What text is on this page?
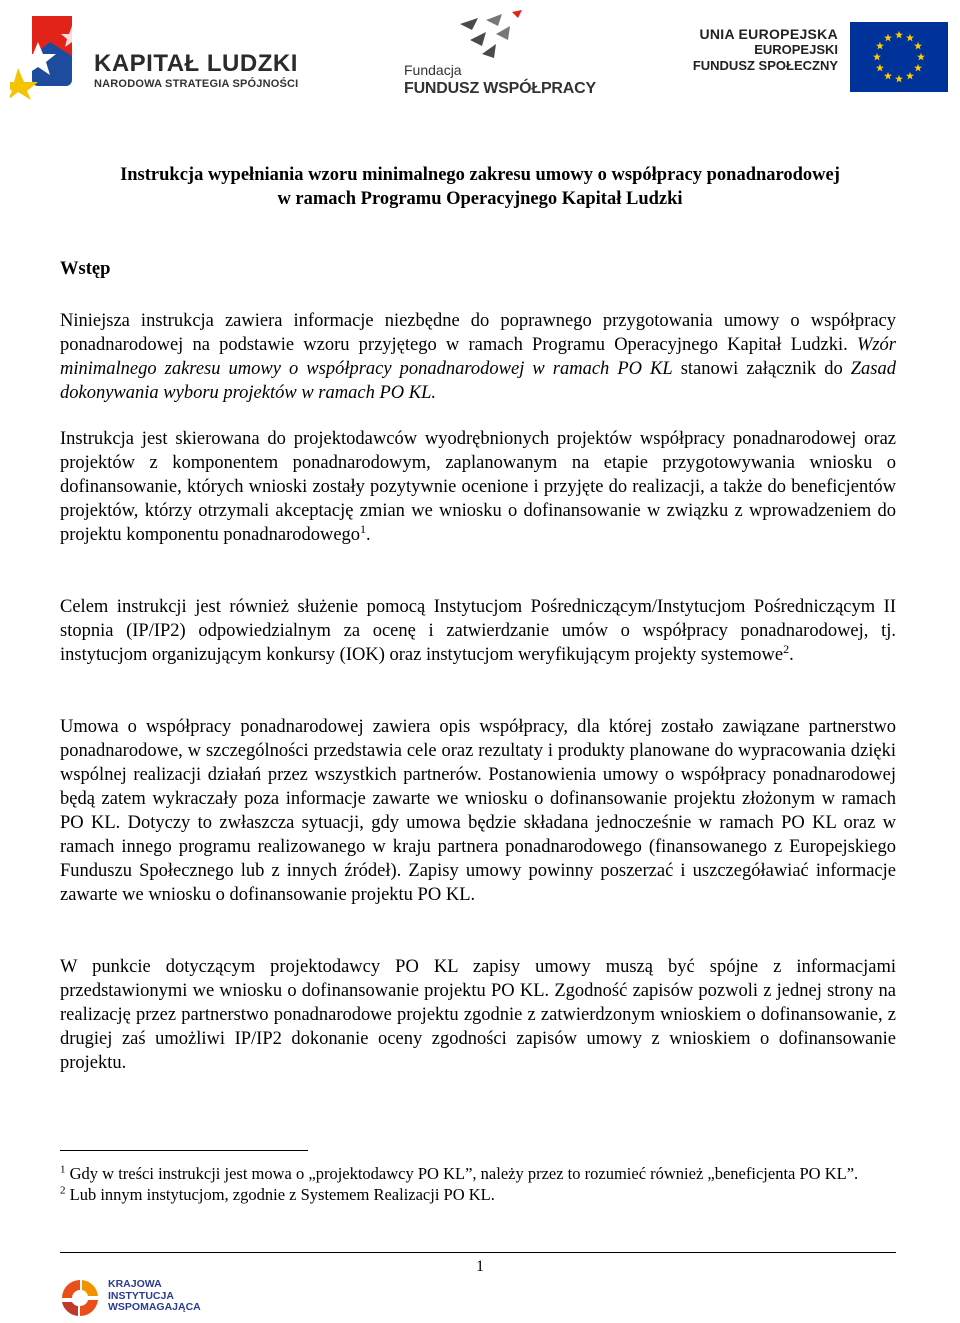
KAPITAŁ LUDZKI
NARODOWA STRATEGIA SPÓJNOŚCI
Fundacja
FUNDUSZ WSPÓŁPRACY
UNIA EUROPEJSKA
EUROPEJSKI
FUNDUSZ SPOŁECZNY
Instrukcja wypełniania wzoru minimalnego zakresu umowy o współpracy ponadnarodowej
w ramach Programu Operacyjnego Kapitał Ludzki
Wstęp
Niniejsza instrukcja zawiera informacje niezbędne do poprawnego przygotowania umowy o współpracy ponadnarodowej na podstawie wzoru przyjętego w ramach Programu Operacyjnego Kapitał Ludzki. Wzór minimalnego zakresu umowy o współpracy ponadnarodowej w ramach PO KL stanowi załącznik do Zasad dokonywania wyboru projektów w ramach PO KL.
Instrukcja jest skierowana do projektodawców wyodrębnionych projektów współpracy ponadnarodowej oraz projektów z komponentem ponadnarodowym, zaplanowanym na etapie przygotowywania wniosku o dofinansowanie, których wnioski zostały pozytywnie ocenione i przyjęte do realizacji, a także do beneficjentów projektów, którzy otrzymali akceptację zmian we wniosku o dofinansowanie w związku z wprowadzeniem do projektu komponentu ponadnarodowego$^1$.
Celem instrukcji jest również służenie pomocą Instytucjom Pośredniczącym/Instytucjom Pośredniczącym II stopnia (IP/IP2) odpowiedzialnym za ocenę i zatwierdzanie umów o współpracy ponadnarodowej, tj. instytucjom organizującym konkursy (IOK) oraz instytucjom weryfikującym projekty systemowe$^2$.
Umowa o współpracy ponadnarodowej zawiera opis współpracy, dla której zostało zawiązane partnerstwo ponadnarodowe, w szczególności przedstawia cele oraz rezultaty i produkty planowane do wypracowania dzięki wspólnej realizacji działań przez wszystkich partnerów. Postanowienia umowy o współpracy ponadnarodowej będą zatem wykraczały poza informacje zawarte we wniosku o dofinansowanie projektu złożonym w ramach PO KL. Dotyczy to zwłaszcza sytuacji, gdy umowa będzie składana jednocześnie w ramach PO KL oraz w ramach innego programu realizowanego w kraju partnera ponadnarodowego (finansowanego z Europejskiego Funduszu Społecznego lub z innych źródeł). Zapisy umowy powinny poszerzać i uszczegóławiać informacje zawarte we wniosku o dofinansowanie projektu PO KL.
W punkcie dotyczącym projektodawcy PO KL zapisy umowy muszą być spójne z informacjami przedstawionymi we wniosku o dofinansowanie projektu PO KL. Zgodność zapisów pozwoli z jednej strony na realizację przez partnerstwo ponadnarodowe projektu zgodnie z zatwierdzonym wnioskiem o dofinansowanie, z drugiej zaś umożliwi IP/IP2 dokonanie oceny zgodności zapisów umowy z wnioskiem o dofinansowanie projektu.
$^1$ Gdy w treści instrukcji jest mowa o „projektodawcy PO KL”, należy przez to rozumieć również „beneficjenta PO KL”.
$^2$ Lub innym instytucjom, zgodnie z Systemem Realizacji PO KL.
1
KRAJOWA
INSTYTUCJA
WSPOMAGAJĄCA
